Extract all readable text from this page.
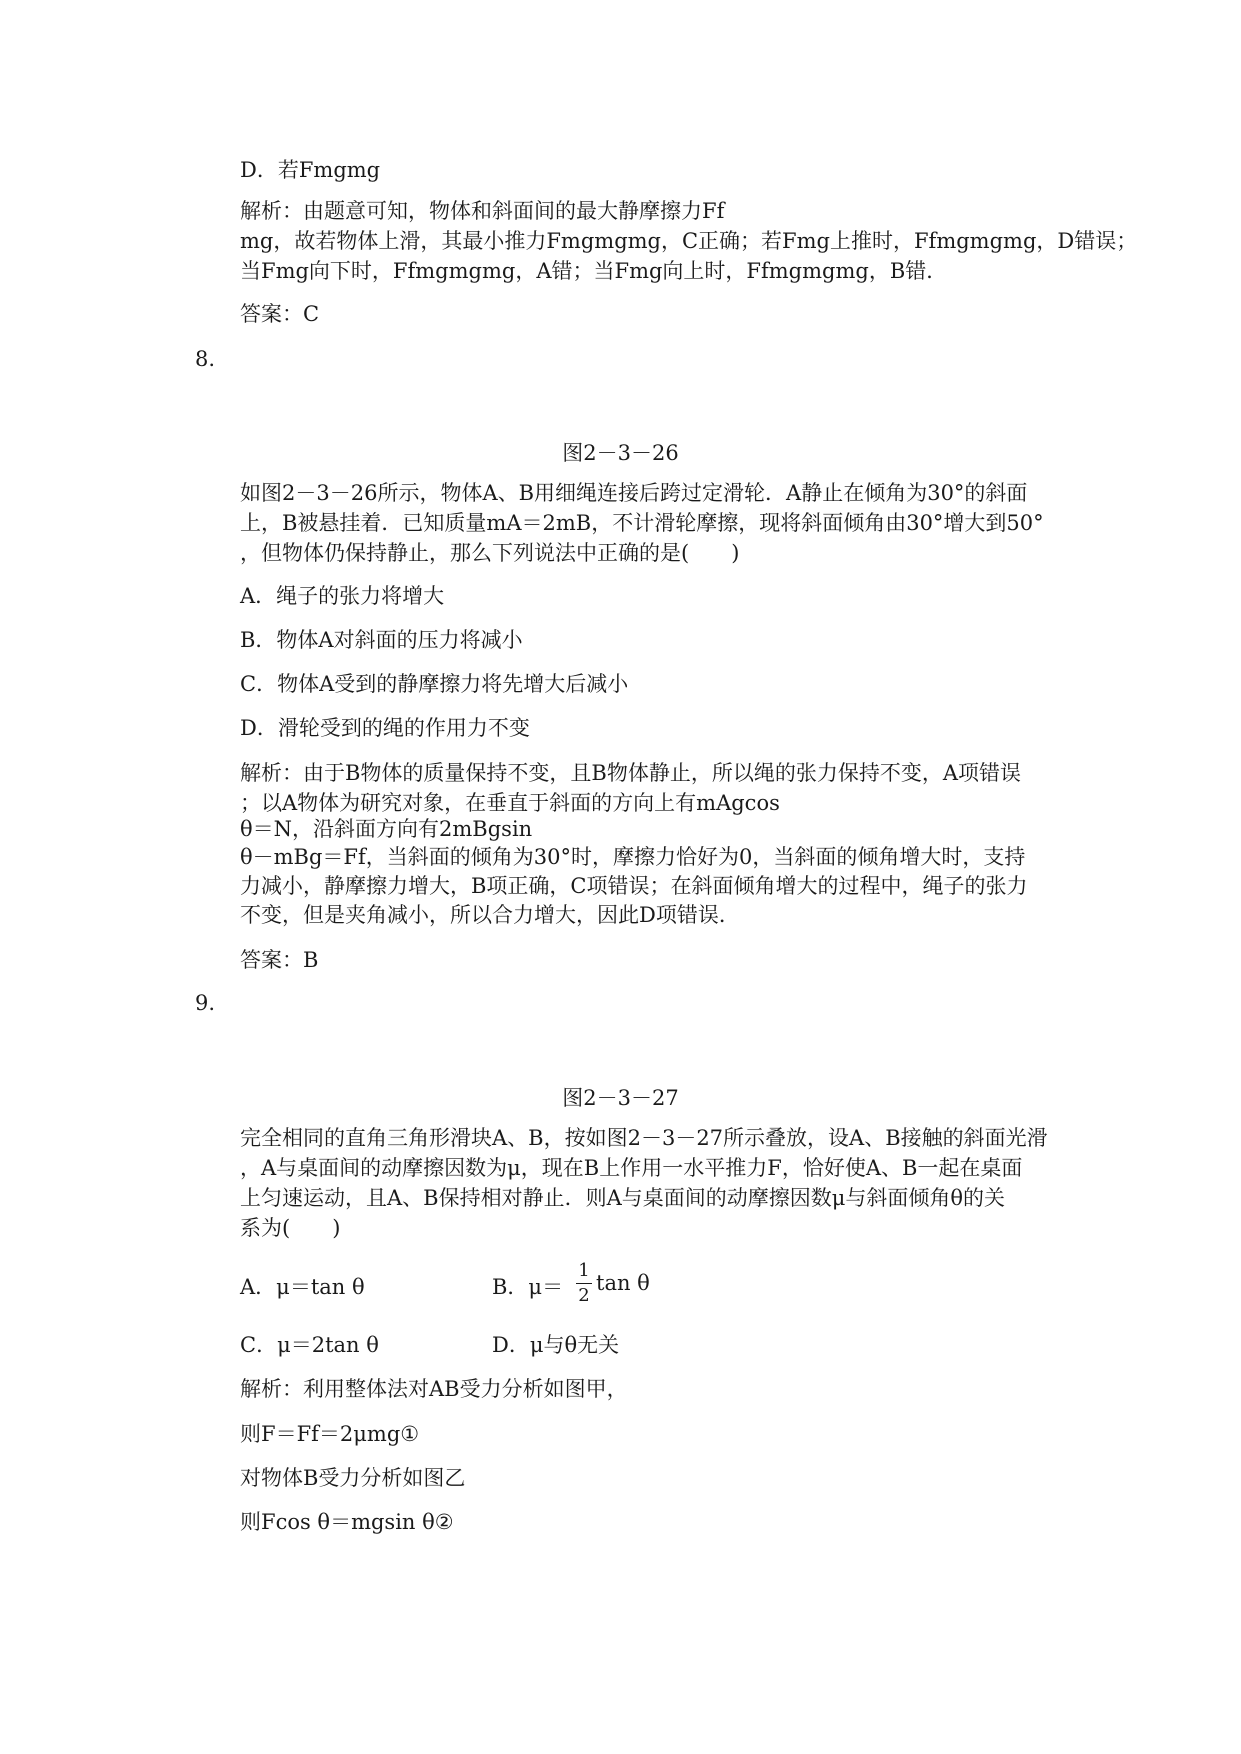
D．若Fmgmg
解析：由题意可知，物体和斜面间的最大静摩擦力Ff
mg，故若物体上滑，其最小推力Fmgmgmg，C正确；若Fmg上推时，Ffmgmgmg，D错误；
当Fmg向下时，Ffmgmgmg，A错；当Fmg向上时，Ffmgmgmg，B错．
答案：C
8.
图2－3－26
如图2－3－26所示，物体A、B用细绳连接后跨过定滑轮．A静止在倾角为30°的斜面
上，B被悬挂着．已知质量mA＝2mB，不计滑轮摩擦，现将斜面倾角由30°增大到50°
，但物体仍保持静止，那么下列说法中正确的是(　　)
A．绳子的张力将增大
B．物体A对斜面的压力将减小
C．物体A受到的静摩擦力将先增大后减小
D．滑轮受到的绳的作用力不变
解析：由于B物体的质量保持不变，且B物体静止，所以绳的张力保持不变，A项错误
；以A物体为研究对象，在垂直于斜面的方向上有mAgcos
θ＝N，沿斜面方向有2mBgsin
θ－mBg＝Ff，当斜面的倾角为30°时，摩擦力恰好为0，当斜面的倾角增大时，支持
力减小，静摩擦力增大，B项正确，C项错误；在斜面倾角增大的过程中，绳子的张力
不变，但是夹角减小，所以合力增大，因此D项错误．
答案：B
9.
图2－3－27
完全相同的直角三角形滑块A、B，按如图2－3－27所示叠放，设A、B接触的斜面光滑
，A与桌面间的动摩擦因数为μ，现在B上作用一水平推力F，恰好使A、B一起在桌面
上匀速运动，且A、B保持相对静止．则A与桌面间的动摩擦因数μ与斜面倾角θ的关
系为(　　)
A．μ＝tan θ	B．μ＝
1
2
tan θ
C．μ＝2tan θ	D．μ与θ无关
解析：利用整体法对AB受力分析如图甲，
则F＝Ff＝2μmg①
对物体B受力分析如图乙
则Fcos θ＝mgsin θ②
